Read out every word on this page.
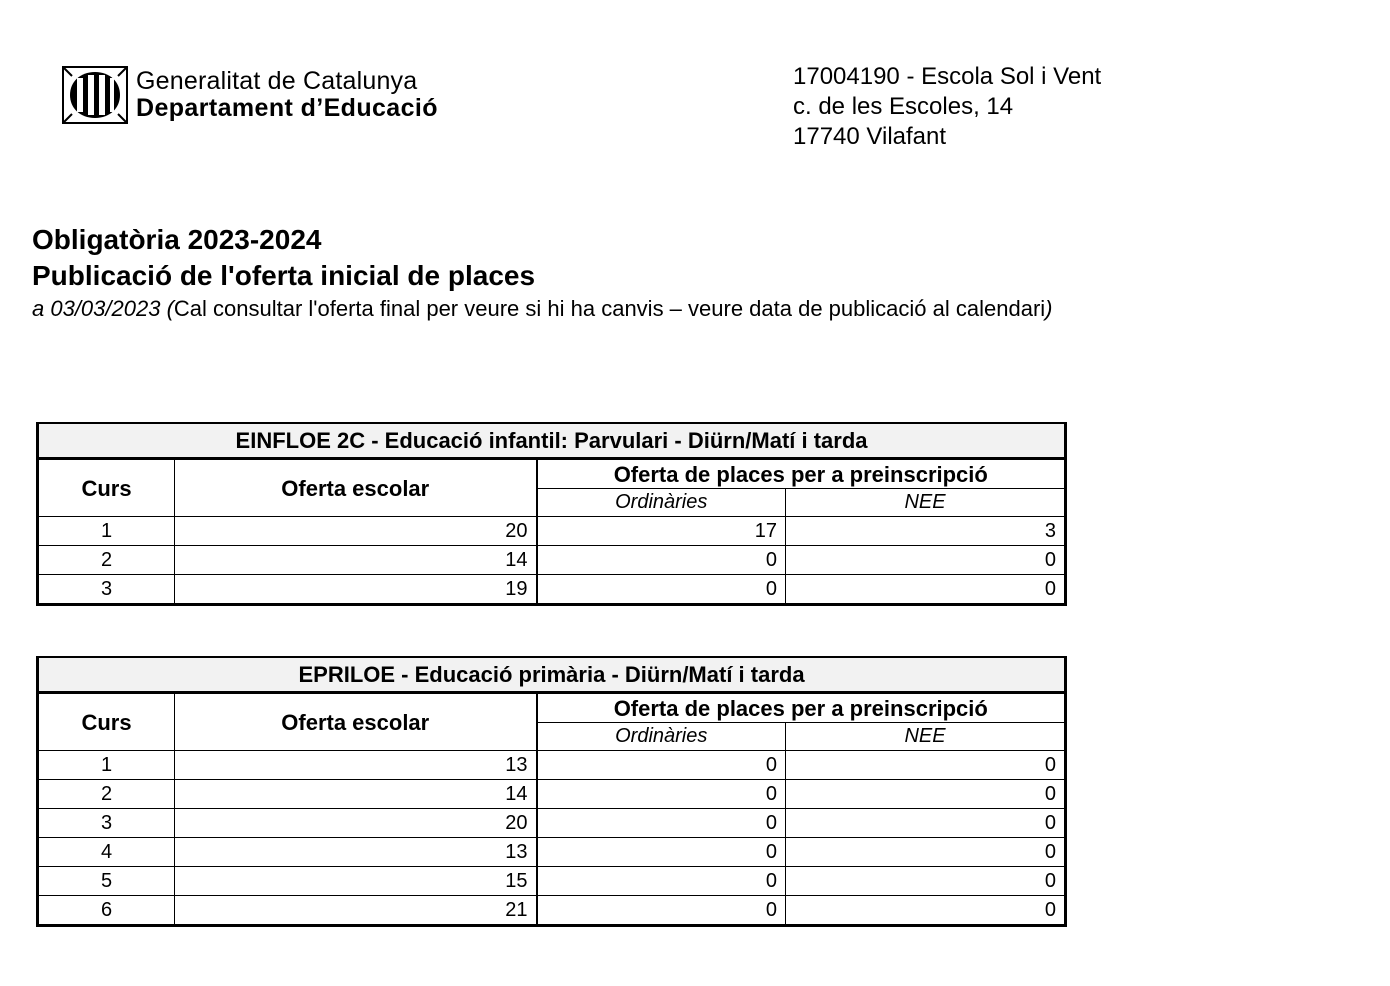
Generalitat de Catalunya
Departament d’Educació
17004190 - Escola Sol i Vent
c. de les Escoles, 14
17740 Vilafant
Obligatòria 2023-2024
Publicació de l'oferta inicial de places
a 03/03/2023 (Cal consultar l'oferta final per veure si hi ha canvis – veure data de publicació al calendari)
EINFLOE 2C - Educació infantil: Parvulari - Diürn/Matí i tarda			
Curs	Oferta escolar	Oferta de places per a preinscripció	
		Ordinàries	NEE
1	20	17	3
2	14	0	0
3	19	0	0
EPRILOE - Educació primària - Diürn/Matí i tarda			
Curs	Oferta escolar	Oferta de places per a preinscripció	
		Ordinàries	NEE
1	13	0	0
2	14	0	0
3	20	0	0
4	13	0	0
5	15	0	0
6	21	0	0
